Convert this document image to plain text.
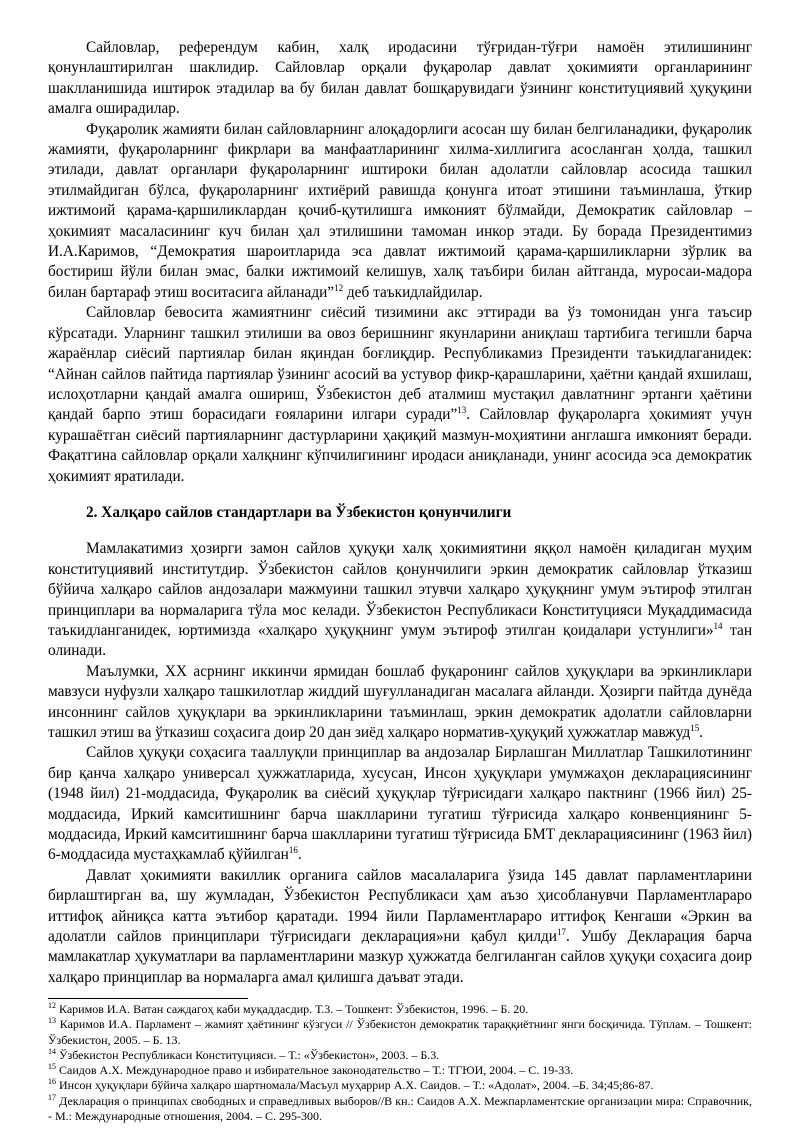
Сайловлар, референдум кабин, халқ иродасини тўғридан-тўғри намоён этилишининг қонунлаштирилган шаклидир. Сайловлар орқали фуқаролар давлат ҳокимияти органларининг шаклланишида иштирок этадилар ва бу билан давлат бошқарувидаги ўзининг конституциявий ҳуқуқини амалга оширадилар.

Фуқаролик жамияти билан сайловларнинг алоқадорлиги асосан шу билан белгиланадики, фуқаролик жамияти, фуқароларнинг фикрлари ва манфаатларининг хилма-хиллигига асосланган ҳолда, ташкил этилади, давлат органлари фуқароларнинг иштироки билан адолатли сайловлар асосида ташкил этилмайдиган бўлса, фуқароларнинг ихтиёрий равишда қонунга итоат этишини таъминлаша, ўткир ижтимоий қарама-қаршиликлардан қочиб-қутилишга имконият бўлмайди, Демократик сайловлар – ҳокимият масаласининг куч билан ҳал этилишини тамоман инкор этади. Бу борада Президентимиз И.А.Каримов, “Демократия шароитларида эса давлат ижтимоий қарама-қаршиликларни зўрлик ва бостириш йўли билан эмас, балки ижтимоий келишув, халқ таъбири билан айтганда, муросаи-мадора билан бартараф этиш воситасига айланади”$^{12}$ деб таъкидлайдилар.

Сайловлар бевосита жамиятнинг сиёсий тизимини акс эттиради ва ўз томонидан унга таъсир кўрсатади. Уларнинг ташкил этилиши ва овоз беришнинг якунларини аниқлаш тартибига тегишли барча жараёнлар сиёсий партиялар билан яқиндан боғлиқдир. Республикамиз Президенти таъкидлаганидек: “Айнан сайлов пайтида партиялар ўзининг асосий ва устувор фикр-қарашларини, ҳаётни қандай яхшилаш, ислоҳотларни қандай амалга ошириш, Ўзбекистон деб аталмиш мустақил давлатнинг эртанги ҳаётини қандай барпо этиш борасидаги ғояларини илгари суради”$^{13}$. Сайловлар фуқароларга ҳокимият учун курашаётган сиёсий партияларнинг дастурларини ҳақиқий мазмун-моҳиятини англашга имконият беради. Фақатгина сайловлар орқали халқнинг кўпчилигининг иродаси аниқланади, унинг асосида эса демократик ҳокимият яратилади.

2. Халқаро сайлов стандартлари ва Ўзбекистон қонунчилиги

Мамлакатимиз ҳозирги замон сайлов ҳуқуқи халқ ҳокимиятини яққол намоён қиладиган муҳим конституциявий институтдир. Ўзбекистон сайлов қонунчилиги эркин демократик сайловлар ўтказиш бўйича халқаро сайлов андозалари мажмуини ташкил этувчи халқаро ҳуқуқнинг умум эътироф этилган принциплари ва нормаларига тўла мос келади. Ўзбекистон Республикаси Конституцияси Муқаддимасида таъкидланганидек, юртимизда «халқаро ҳуқуқнинг умум эътироф этилган қоидалари устунлиги»$^{14}$ тан олинади.

Маълумки, ХХ асрнинг иккинчи ярмидан бошлаб фуқаронинг сайлов ҳуқуқлари ва эркинликлари мавзуси нуфузли халқаро ташкилотлар жиддий шуғулланадиган масалага айланди. Ҳозирги пайтда дунёда инсоннинг сайлов ҳуқуқлари ва эркинликларини таъминлаш, эркин демократик адолатли сайловларни ташкил этиш ва ўтказиш соҳасига доир 20 дан зиёд халқаро норматив-ҳуқуқий ҳужжатлар мавжуд$^{15}$.

Сайлов ҳуқуқи соҳасига тааллуқли принциплар ва андозалар Бирлашган Миллатлар Ташкилотининг бир қанча халқаро универсал ҳужжатларида, хусусан, Инсон ҳуқуқлари умумжаҳон декларациясининг (1948 йил) 21-моддасида, Фуқаролик ва сиёсий ҳуқуқлар тўғрисидаги халқаро пактнинг (1966 йил) 25-моддасида, Иркий камситишнинг барча шаклларини тугатиш тўғрисида халқаро конвенциянинг 5-моддасида, Иркий камситишнинг барча шаклларини тугатиш тўғрисида БМТ декларациясининг (1963 йил) 6-моддасида мустаҳкамлаб қўйилган$^{16}$.

Давлат ҳокимияти вакиллик органига сайлов масалаларига ўзида 145 давлат парламентларини бирлаштирган ва, шу жумладан, Ўзбекистон Республикаси ҳам аъзо ҳисобланувчи Парламентлараро иттифоқ айниқса катта эътибор қаратади. 1994 йили Парламентлараро иттифоқ Кенгаши «Эркин ва адолатли сайлов принциплари тўғрисидаги декларация»ни қабул қилди$^{17}$. Ушбу Декларация барча мамлакатлар ҳукуматлари ва парламентларини мазкур ҳужжатда белгиланган сайлов ҳуқуқи соҳасига доир халқаро принциплар ва нормаларга амал қилишга даъват этади.

$^{12}$ Каримов И.А. Ватан саждагоҳ каби муқаддасдир. Т.3. – Тошкент: Ўзбекистон, 1996. – Б. 20.

$^{13}$ Каримов И.А. Парламент – жамият ҳаётининг кўзгуси // Ўзбекистон демократик тараққиётнинг янги босқичида. Тўплам. – Тошкент: Ўзбекистон, 2005. – Б. 13.

$^{14}$ Ўзбекистон Республикаси Конституцияси. – Т.: «Ўзбекистон», 2003. – Б.3.

$^{15}$ Саидов А.Х. Международное право и избирательное законодательство – Т.: ТГЮИ, 2004. – С. 19-33.

$^{16}$ Инсон ҳуқуқлари бўйича халқаро шартномала/Масъул муҳаррир А.Х. Саидов. – Т.: «Адолат», 2004. –Б. 34;45;86-87.

$^{17}$ Декларация о принципах свободных и справедливых выборов//В кн.: Саидов А.Х. Межпарламентские организации мира: Справочник, - М.: Международные отношения, 2004. – С. 295-300.
